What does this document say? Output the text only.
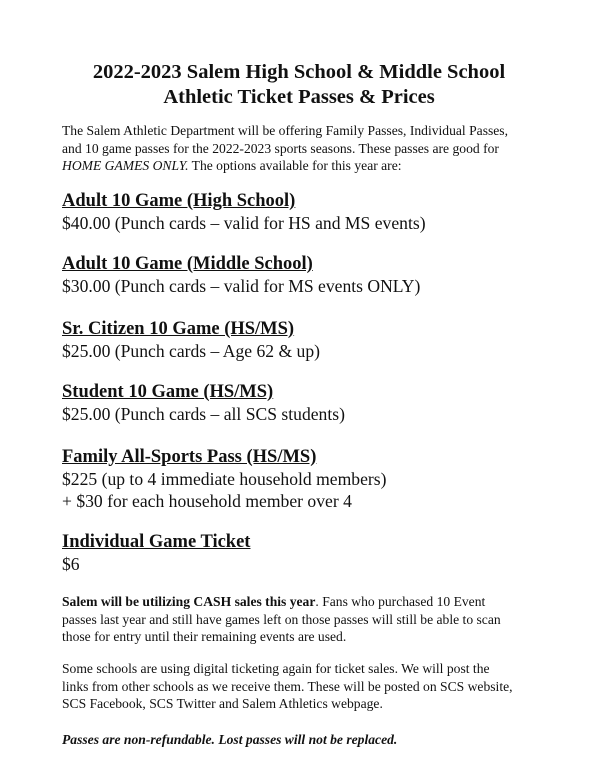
2022-2023 Salem High School & Middle School
Athletic Ticket Passes & Prices

The Salem Athletic Department will be offering Family Passes, Individual Passes,
and 10 game passes for the 2022-2023 sports seasons. These passes are good for
HOME GAMES ONLY. The options available for this year are:

Adult 10 Game (High School)
$40.00 (Punch cards – valid for HS and MS events)
Adult 10 Game (Middle School)
$30.00 (Punch cards – valid for MS events ONLY)
Sr. Citizen 10 Game (HS/MS)
$25.00 (Punch cards – Age 62 & up)
Student 10 Game (HS/MS)
$25.00 (Punch cards – all SCS students)
Family All-Sports Pass (HS/MS)
$225 (up to 4 immediate household members)
+ $30 for each household member over 4
Individual Game Ticket
$6

Salem will be utilizing CASH sales this year. Fans who purchased 10 Event
passes last year and still have games left on those passes will still be able to scan
those for entry until their remaining events are used.

Some schools are using digital ticketing again for ticket sales. We will post the
links from other schools as we receive them. These will be posted on SCS website,
SCS Facebook, SCS Twitter and Salem Athletics webpage.

Passes are non-refundable. Lost passes will not be replaced.
